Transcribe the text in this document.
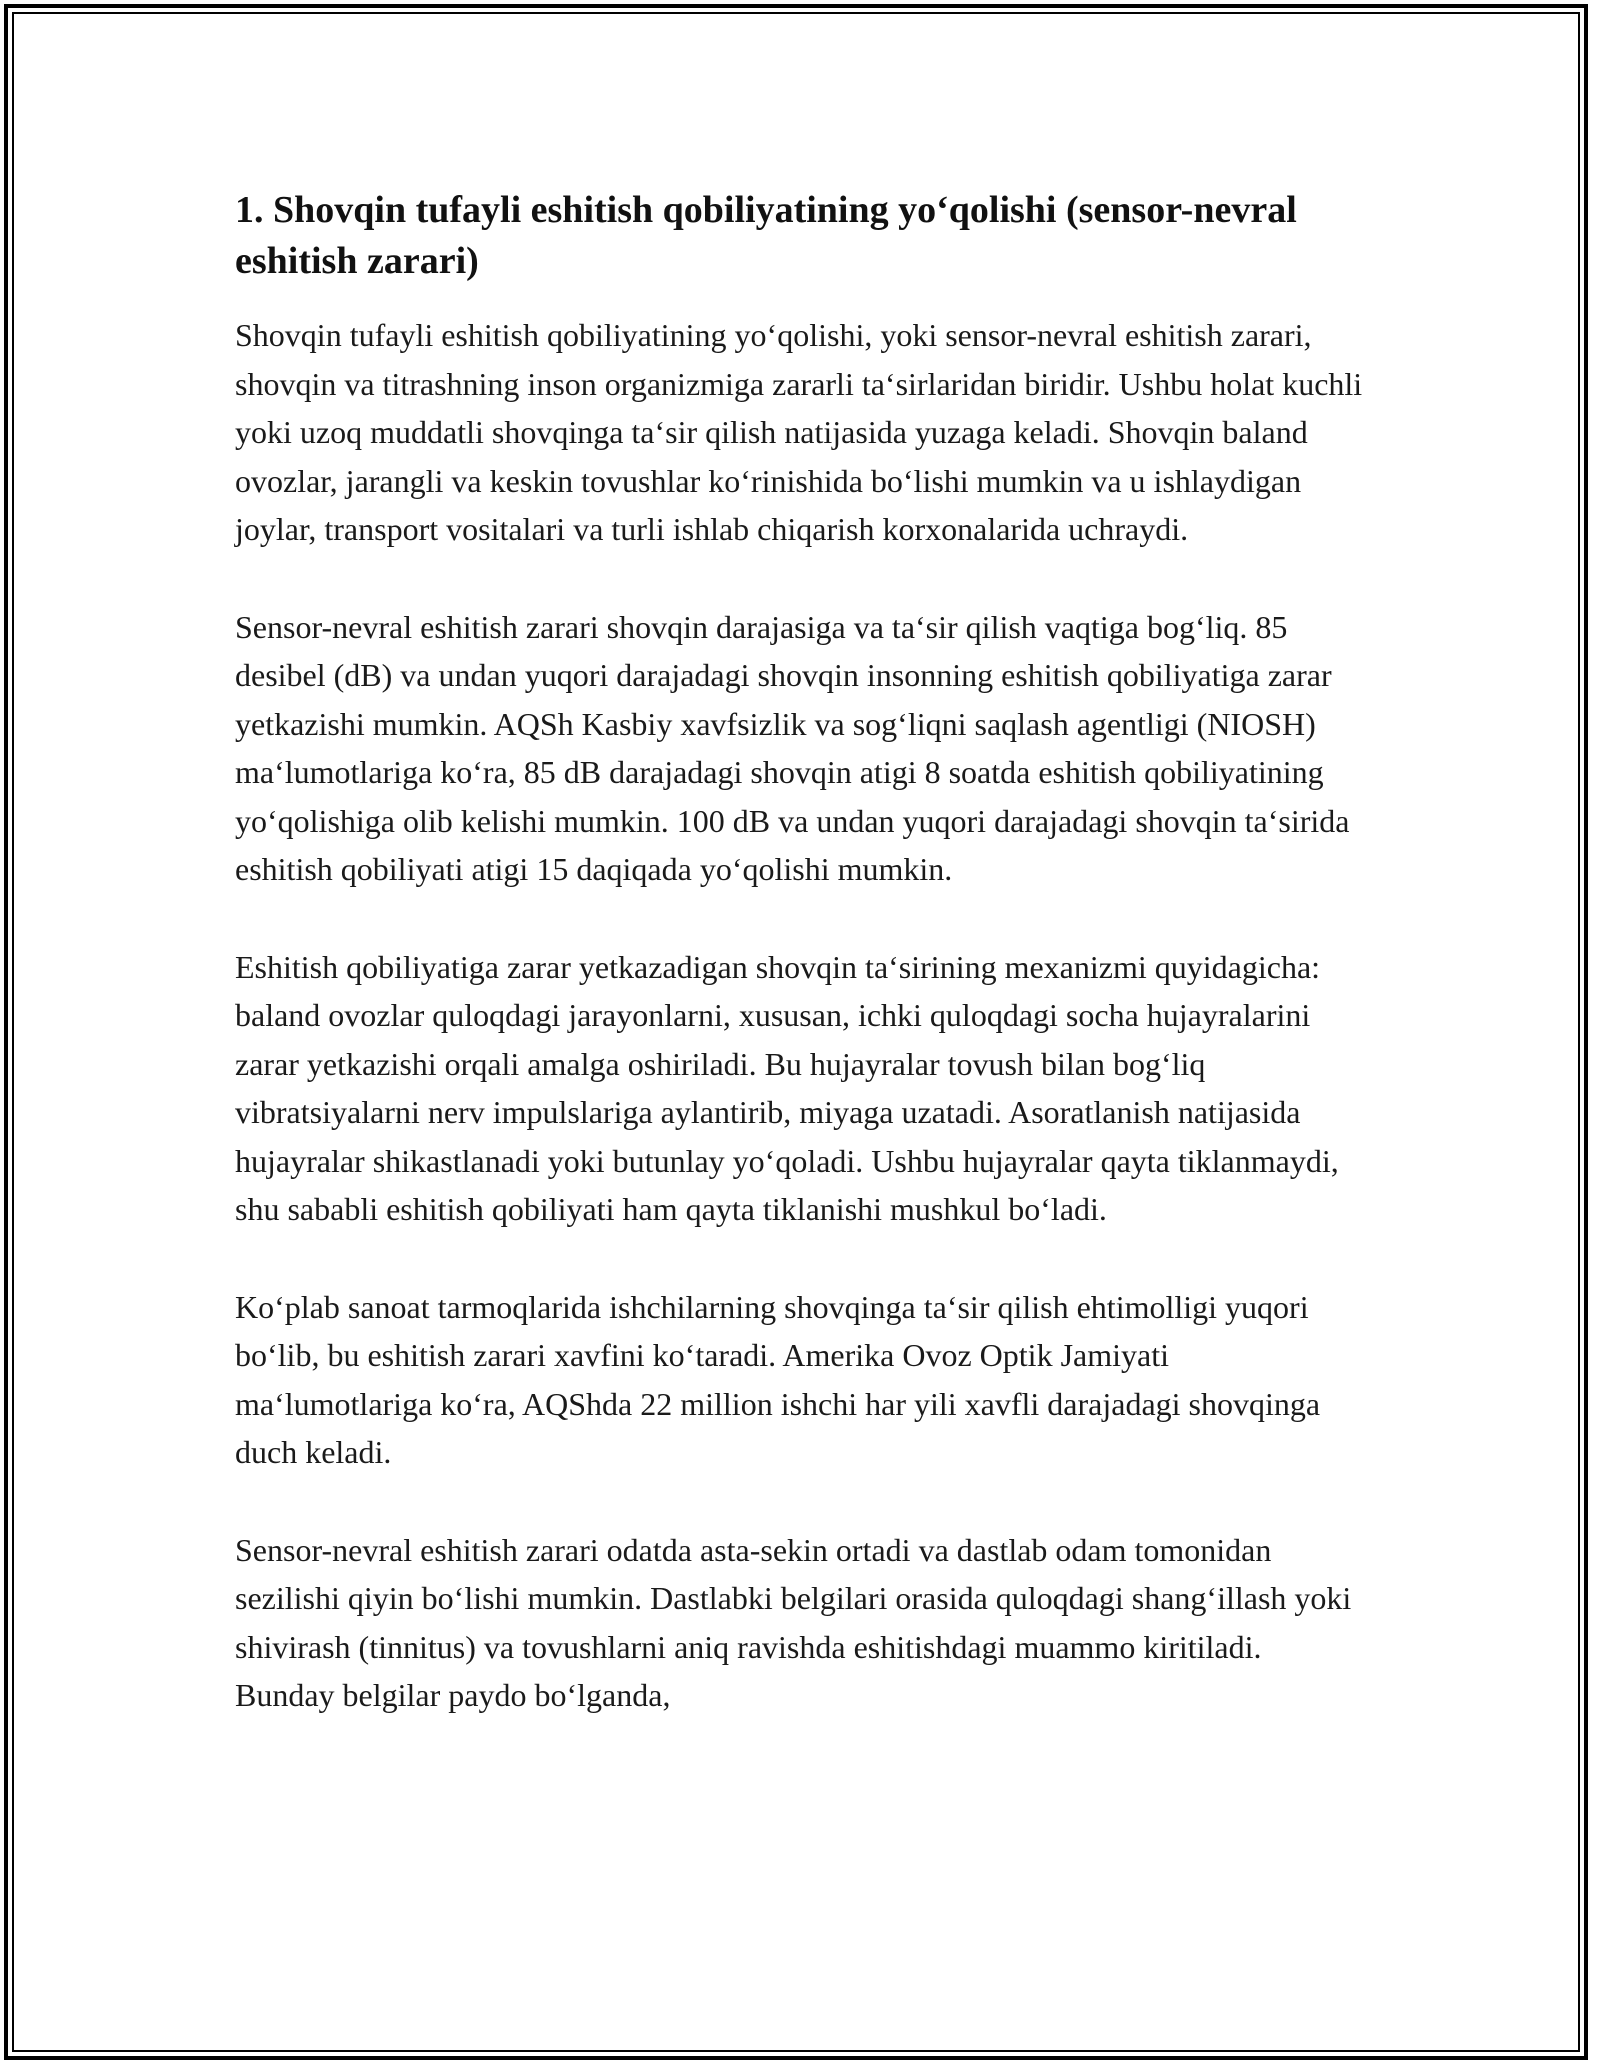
1. Shovqin tufayli eshitish qobiliyatining yo‘qolishi (sensor-nevral eshitish zarari)

Shovqin tufayli eshitish qobiliyatining yo‘qolishi, yoki sensor-nevral eshitish zarari, shovqin va titrashning inson organizmiga zararli ta‘sirlaridan biridir. Ushbu holat kuchli yoki uzoq muddatli shovqinga ta‘sir qilish natijasida yuzaga keladi. Shovqin baland ovozlar, jarangli va keskin tovushlar ko‘rinishida bo‘lishi mumkin va u ishlaydigan joylar, transport vositalari va turli ishlab chiqarish korxonalarida uchraydi.

Sensor-nevral eshitish zarari shovqin darajasiga va ta‘sir qilish vaqtiga bog‘liq. 85 desibel (dB) va undan yuqori darajadagi shovqin insonning eshitish qobiliyatiga zarar yetkazishi mumkin. AQSh Kasbiy xavfsizlik va sog‘liqni saqlash agentligi (NIOSH) ma‘lumotlariga ko‘ra, 85 dB darajadagi shovqin atigi 8 soatda eshitish qobiliyatining yo‘qolishiga olib kelishi mumkin. 100 dB va undan yuqori darajadagi shovqin ta‘sirida eshitish qobiliyati atigi 15 daqiqada yo‘qolishi mumkin.

Eshitish qobiliyatiga zarar yetkazadigan shovqin ta‘sirining mexanizmi quyidagicha: baland ovozlar quloqdagi jarayonlarni, xususan, ichki quloqdagi socha hujayralarini zarar yetkazishi orqali amalga oshiriladi. Bu hujayralar tovush bilan bog‘liq vibratsiyalarni nerv impulslariga aylantirib, miyaga uzatadi. Asoratlanish natijasida hujayralar shikastlanadi yoki butunlay yo‘qoladi. Ushbu hujayralar qayta tiklanmaydi, shu sababli eshitish qobiliyati ham qayta tiklanishi mushkul bo‘ladi.

Ko‘plab sanoat tarmoqlarida ishchilarning shovqinga ta‘sir qilish ehtimolligi yuqori bo‘lib, bu eshitish zarari xavfini ko‘taradi. Amerika Ovoz Optik Jamiyati ma‘lumotlariga ko‘ra, AQShda 22 million ishchi har yili xavfli darajadagi shovqinga duch keladi.

Sensor-nevral eshitish zarari odatda asta-sekin ortadi va dastlab odam tomonidan sezilishi qiyin bo‘lishi mumkin. Dastlabki belgilari orasida quloqdagi shang‘illash yoki shivirash (tinnitus) va tovushlarni aniq ravishda eshitishdagi muammo kiritiladi. Bunday belgilar paydo bo‘lganda,
